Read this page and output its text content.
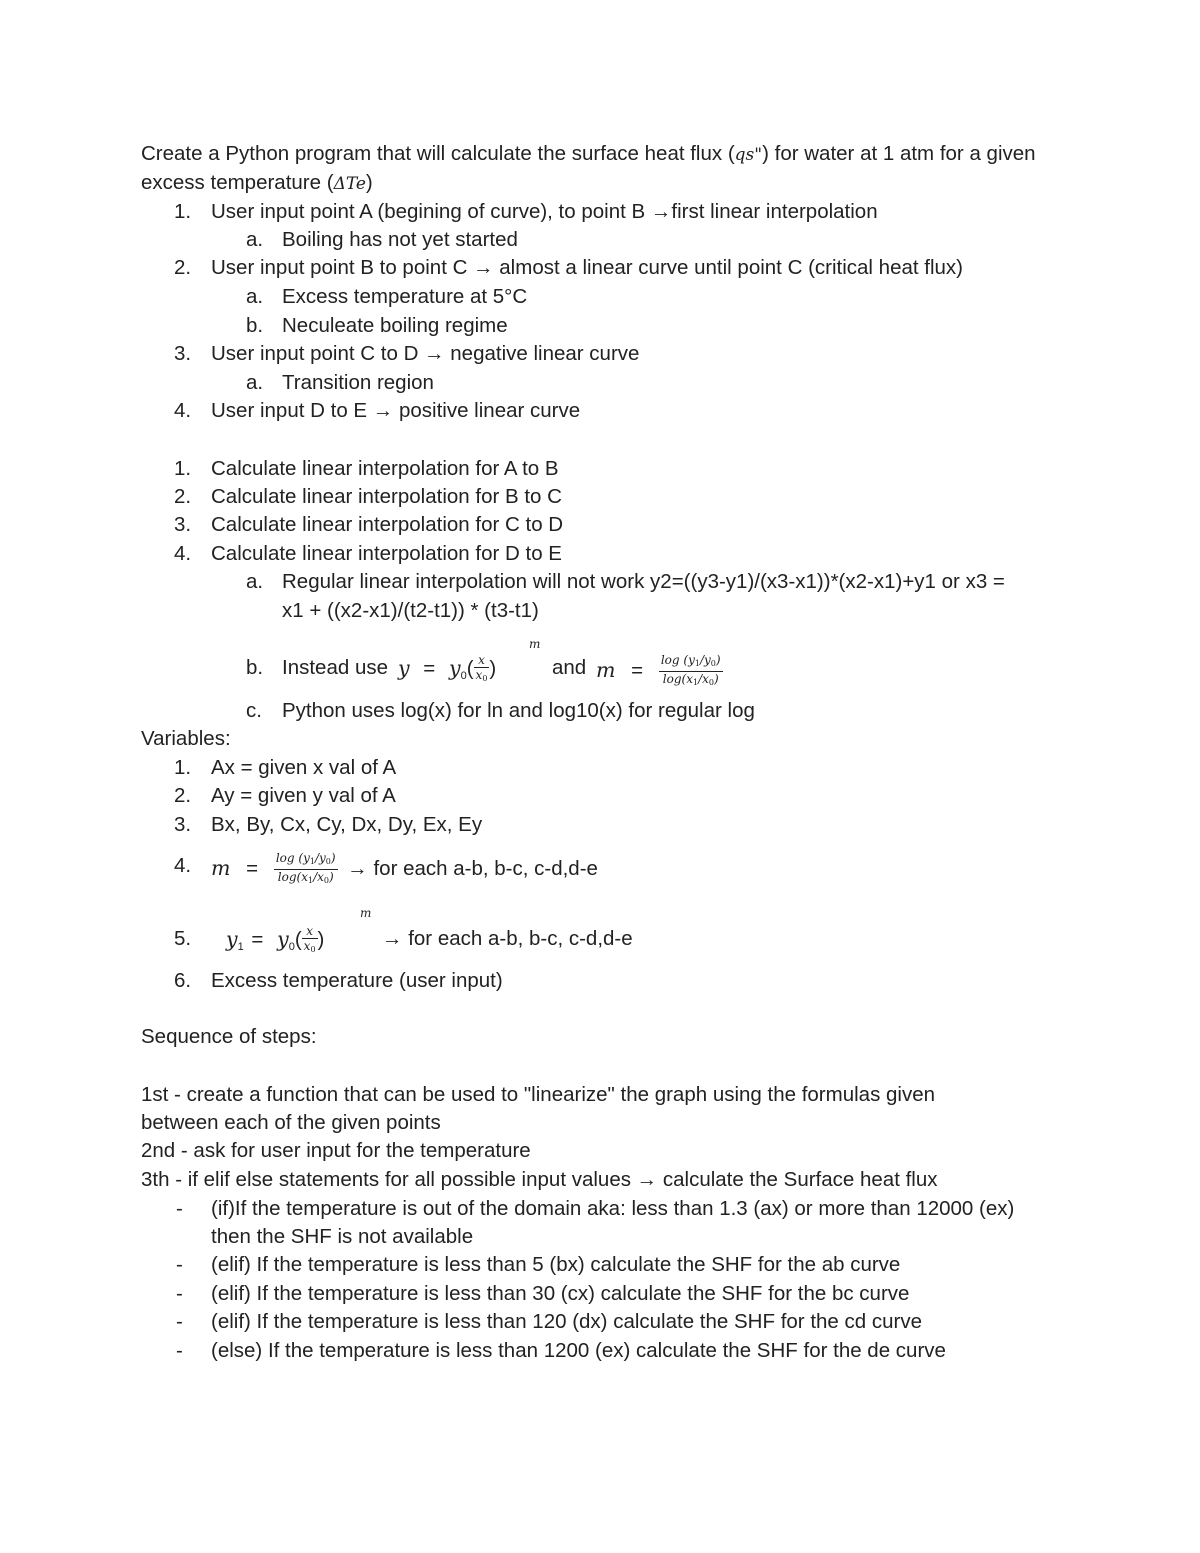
Create a Python program that will calculate the surface heat flux (qs") for water at 1 atm for a given
excess temperature (ΔTe)
1. User input point A (begining of curve), to point B →first linear interpolation
a. Boiling has not yet started
2. User input point B to point C → almost a linear curve until point C (critical heat flux)
a. Excess temperature at 5°C
b. Neculeate boiling regime
3. User input point C to D → negative linear curve
a. Transition region
4. User input D to E → positive linear curve
1. Calculate linear interpolation for A to B
2. Calculate linear interpolation for B to C
3. Calculate linear interpolation for C to D
4. Calculate linear interpolation for D to E
a. Regular linear interpolation will not work y2=((y3-y1)/(x3-x1))*(x2-x1)+y1 or x3 =
x1 + ((x2-x1)/(t2-t1)) * (t3-t1)
b. Instead use $y = y_0( \frac{x}{x0}$ )
m
and $m = \frac{\log (y1/y0)}{\log(x1/x0)}$
c. Python uses log(x) for ln and log10(x) for regular log
Variables:
1. Ax = given x val of A
2. Ay = given y val of A
3. Bx, By, Cx, Cy, Dx, Dy, Ex, Ey
4. $m = \frac{\log (y1/y0)}{\log(x1/x0)}$ → for each a-b, b-c, c-d,d-e
5. $y_1 = y_0( \frac{x}{x0}$ )
m
→ for each a-b, b-c, c-d,d-e
6. Excess temperature (user input)
Sequence of steps:
1st - create a function that can be used to "linearize" the graph using the formulas given
between each of the given points
2nd - ask for user input for the temperature
3th - if elif else statements for all possible input values → calculate the Surface heat flux
- (if)If the temperature is out of the domain aka: less than 1.3 (ax) or more than 12000 (ex)
then the SHF is not available
- (elif) If the temperature is less than 5 (bx) calculate the SHF for the ab curve
- (elif) If the temperature is less than 30 (cx) calculate the SHF for the bc curve
- (elif) If the temperature is less than 120 (dx) calculate the SHF for the cd curve
- (else) If the temperature is less than 1200 (ex) calculate the SHF for the de curve
